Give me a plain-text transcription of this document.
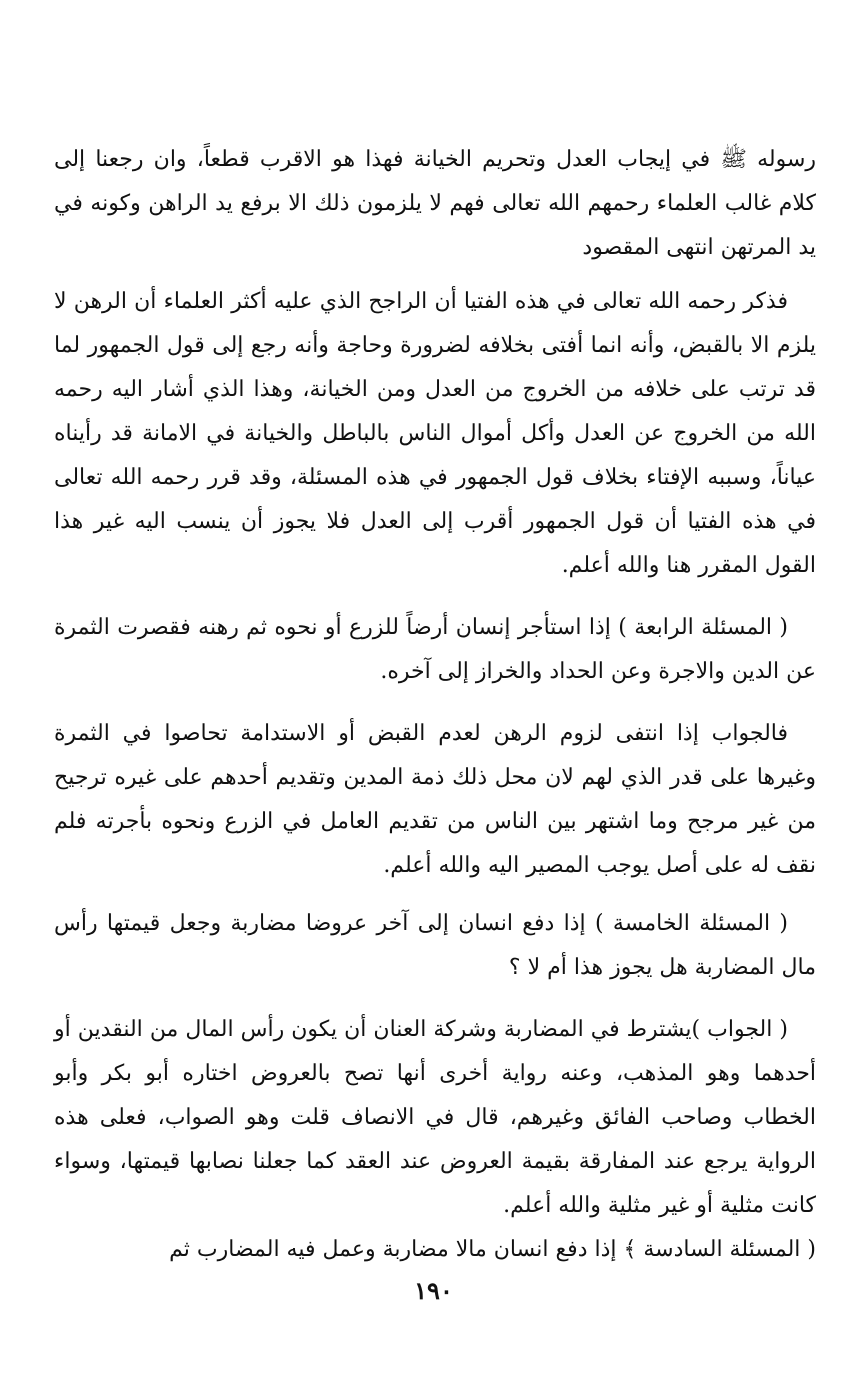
رسوله ﷺ في إيجاب العدل وتحريم الخيانة فهذا هو الاقرب قطعاً، وان رجعنا إلى كلام غالب العلماء رحمهم الله تعالى فهم لا يلزمون ذلك الا برفع يد الراهن وكونه في يد المرتهن انتهى المقصود

فذكر رحمه الله تعالى في هذه الفتيا أن الراجح الذي عليه أكثر العلماء أن الرهن لا يلزم الا بالقبض، وأنه انما أفتى بخلافه لضرورة وحاجة وأنه رجع إلى قول الجمهور لما قد ترتب على خلافه من الخروج من العدل ومن الخيانة، وهذا الذي أشار اليه رحمه الله من الخروج عن العدل وأكل أموال الناس بالباطل والخيانة في الامانة قد رأيناه عياناً، وسببه الإفتاء بخلاف قول الجمهور في هذه المسئلة، وقد قرر رحمه الله تعالى في هذه الفتيا أن قول الجمهور أقرب إلى العدل فلا يجوز أن ينسب اليه غير هذا القول المقرر هنا والله أعلم.

( المسئلة الرابعة ) إذا استأجر إنسان أرضاً للزرع أو نحوه ثم رهنه فقصرت الثمرة عن الدين والاجرة وعن الحداد والخراز إلى آخره.

فالجواب إذا انتفى لزوم الرهن لعدم القبض أو الاستدامة تحاصوا في الثمرة وغيرها على قدر الذي لهم لان محل ذلك ذمة المدين وتقديم أحدهم على غيره ترجيح من غير مرجح وما اشتهر بين الناس من تقديم العامل في الزرع ونحوه بأجرته فلم نقف له على أصل يوجب المصير اليه والله أعلم.

( المسئلة الخامسة ) إذا دفع انسان إلى آخر عروضا مضاربة وجعل قيمتها رأس مال المضاربة هل يجوز هذا أم لا ؟

( الجواب )يشترط في المضاربة وشركة العنان أن يكون رأس المال من النقدين أو أحدهما وهو المذهب، وعنه رواية أخرى أنها تصح بالعروض اختاره أبو بكر وأبو الخطاب وصاحب الفائق وغيرهم، قال في الانصاف قلت وهو الصواب، فعلى هذه الرواية يرجع عند المفارقة بقيمة العروض عند العقد كما جعلنا نصابها قيمتها، وسواء كانت مثلية أو غير مثلية والله أعلم.

( المسئلة السادسة ﴾ إذا دفع انسان مالا مضاربة وعمل فيه المضارب ثم

١٩٠
